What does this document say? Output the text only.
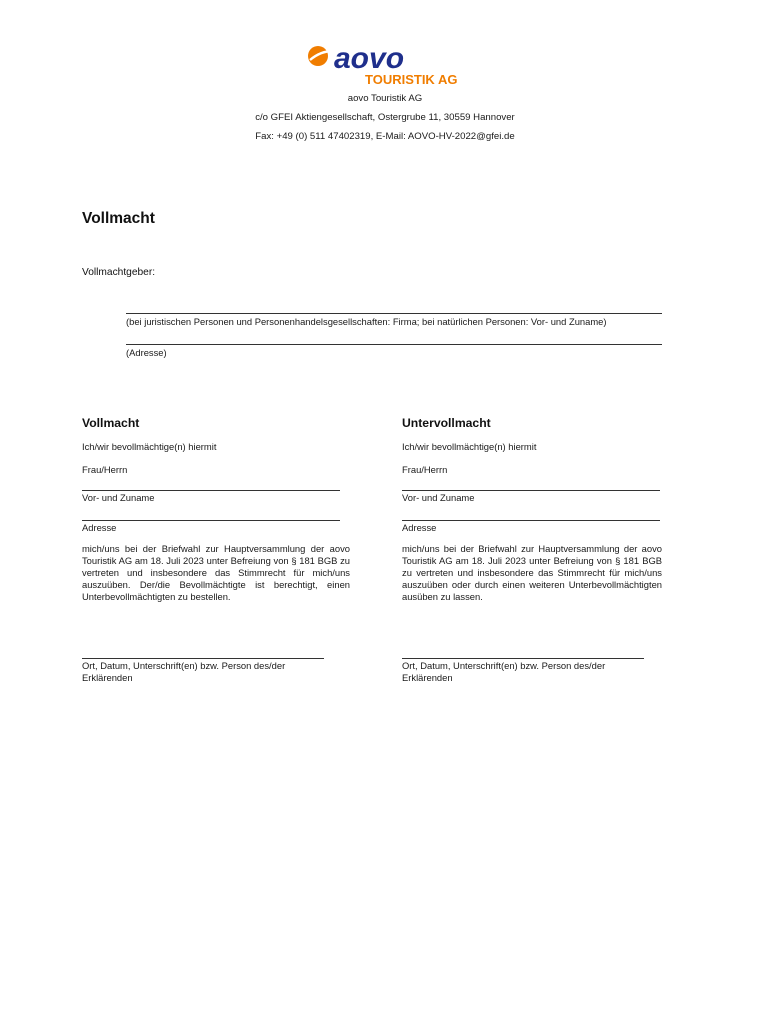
aovo
TOURISTIK AG
aovo Touristik AG
c/o GFEI Aktiengesellschaft, Ostergrube 11, 30559 Hannover
Fax: +49 (0) 511 47402319, E-Mail: AOVO-HV-2022@gfei.de
Vollmacht
Vollmachtgeber:
(bei juristischen Personen und Personenhandelsgesellschaften: Firma; bei natürlichen Personen: Vor- und Zuname)
(Adresse)
Vollmacht
Ich/wir bevollmächtige(n) hiermit
Frau/Herrn
Vor- und Zuname
Adresse
mich/uns bei der Briefwahl zur Hauptversammlung der aovo Touristik AG am 18. Juli 2023 unter Befreiung von § 181 BGB zu vertreten und insbesondere das Stimmrecht für mich/uns auszuüben. Der/die Bevollmächtigte ist berechtigt, einen Unterbevollmächtigten zu bestellen.
Ort, Datum, Unterschrift(en) bzw. Person des/der Erklärenden
Untervollmacht
Ich/wir bevollmächtige(n) hiermit
Frau/Herrn
Vor- und Zuname
Adresse
mich/uns bei der Briefwahl zur Hauptversammlung der aovo Touristik AG am 18. Juli 2023 unter Befreiung von § 181 BGB zu vertreten und insbesondere das Stimmrecht für mich/uns auszuüben oder durch einen weiteren Unterbevollmächtigten ausüben zu lassen.
Ort, Datum, Unterschrift(en) bzw. Person des/der Erklärenden
